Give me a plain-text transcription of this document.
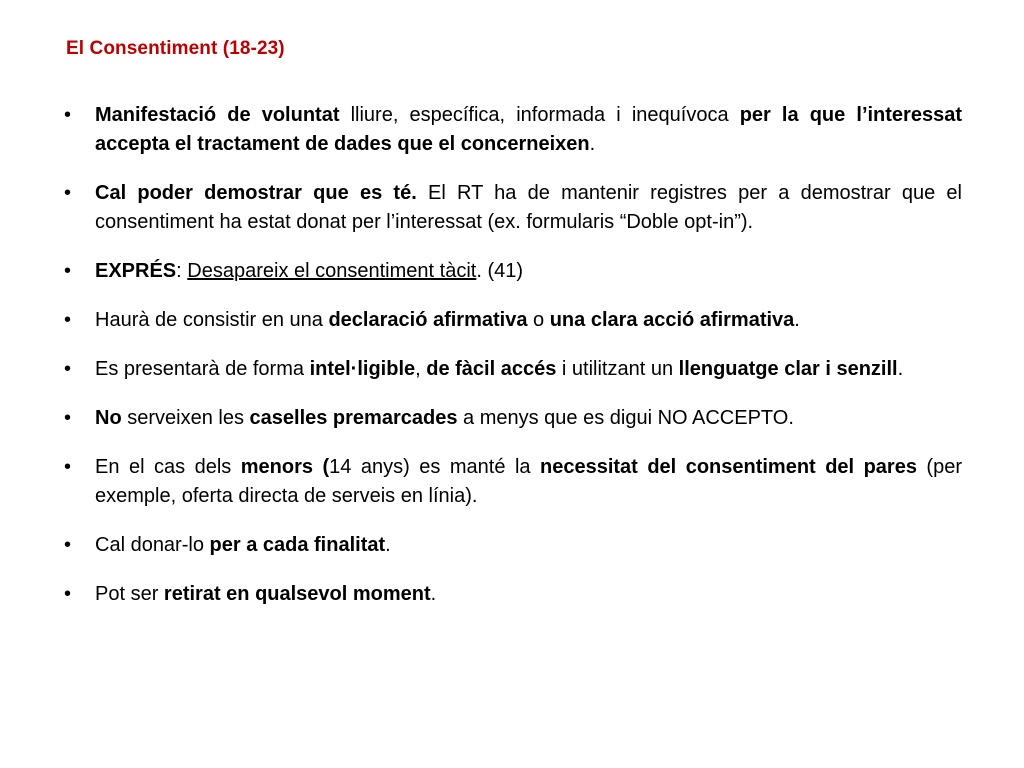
El Consentiment (18-23)
• Manifestació de voluntat lliure, específica, informada i inequívoca per la que l’interessat accepta el tractament de dades que el concerneixen.
• Cal poder demostrar que es té. El RT ha de mantenir registres per a demostrar que el consentiment ha estat donat per l’interessat (ex. formularis “Doble opt-in”).
• EXPRÉS: Desapareix el consentiment tàcit. (41)
• Haurà de consistir en una declaració afirmativa o una clara acció afirmativa.
• Es presentarà de forma intel·ligible, de fàcil accés i utilitzant un llenguatge clar i senzill.
• No serveixen les caselles premarcades a menys que es digui NO ACCEPTO.
• En el cas dels menors (14 anys) es manté la necessitat del consentiment del pares (per exemple, oferta directa de serveis en línia).
• Cal donar-lo per a cada finalitat.
• Pot ser retirat en qualsevol moment.
